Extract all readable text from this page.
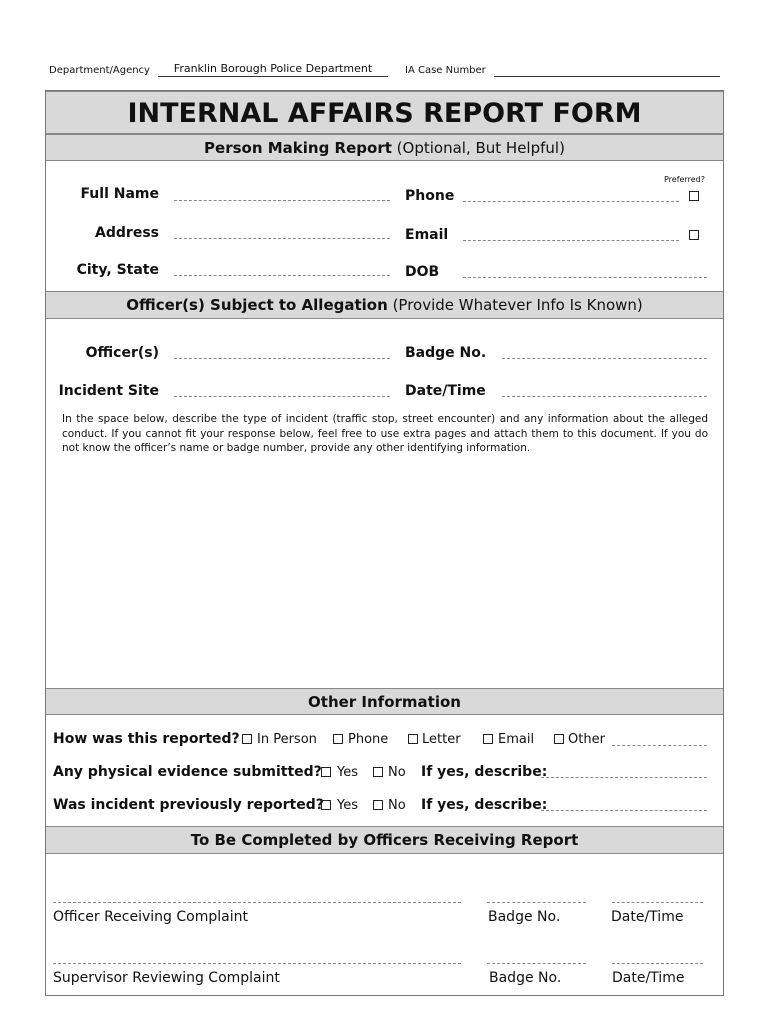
Department/Agency	Franklin Borough Police Department	IA Case Number
INTERNAL AFFAIRS REPORT FORM
Person Making Report (Optional, But Helpful)
Preferred?
Full Name	Phone
Address	Email
City, State	DOB
Officer(s) Subject to Allegation (Provide Whatever Info Is Known)
Officer(s)	Badge No.
Incident Site	Date/Time
In the space below, describe the type of incident (traffic stop, street encounter) and any information about the alleged conduct. If you cannot fit your response below, feel free to use extra pages and attach them to this document. If you do not know the officer’s name or badge number, provide any other identifying information.
Other Information
How was this reported? In Person Phone	Letter	Email	Other
Any physical evidence submitted? Yes No If yes, describe:
Was incident previously reported? Yes No If yes, describe:
To Be Completed by Officers Receiving Report
Officer Receiving Complaint	Badge No.	Date/Time
Supervisor Reviewing Complaint	Badge No.	Date/Time
